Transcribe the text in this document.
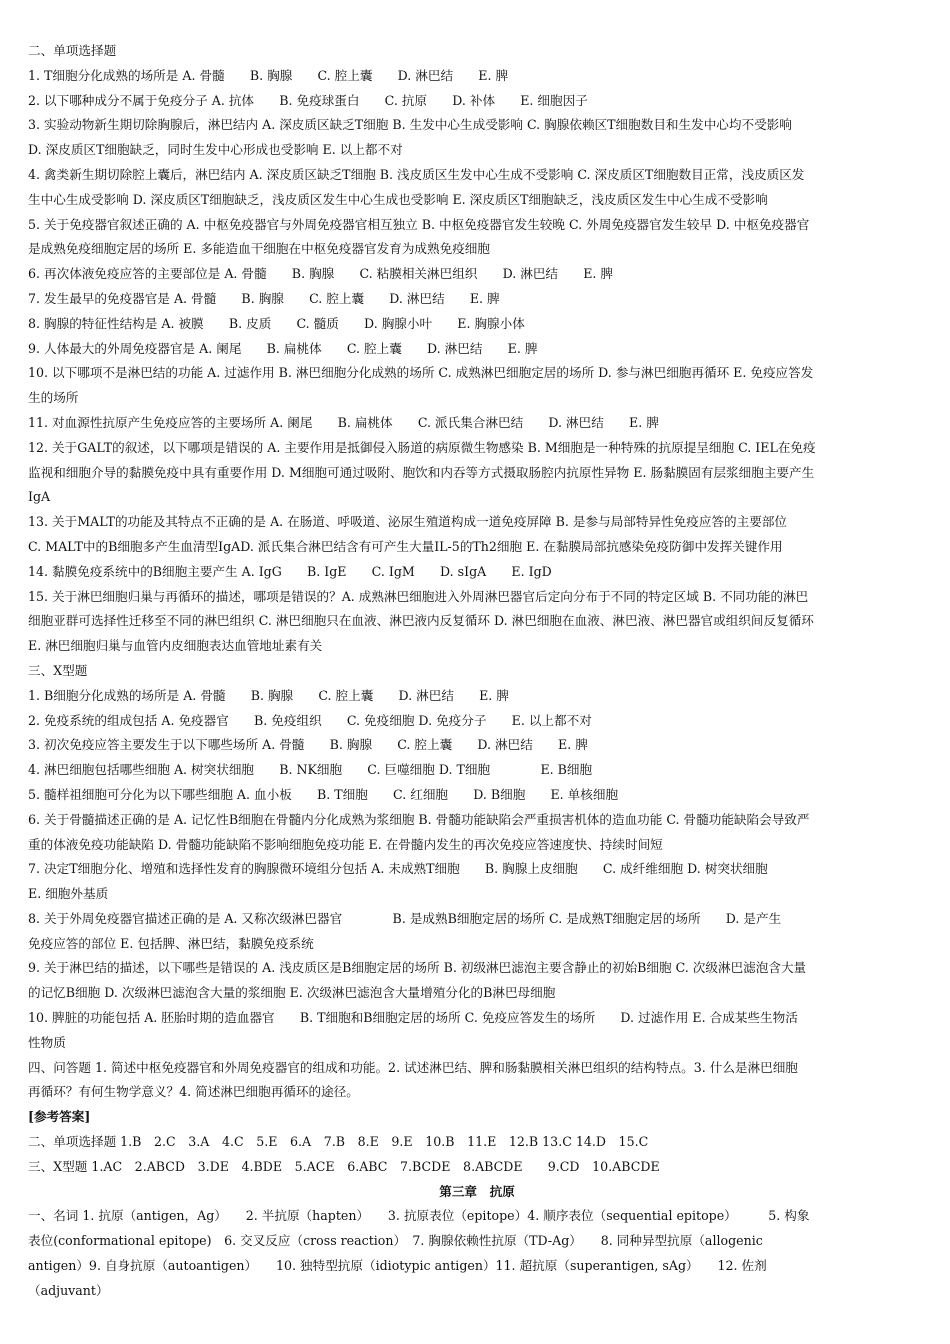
二、单项选择题
1. T细胞分化成熟的场所是 A. 骨髓　　B. 胸腺　　C. 腔上囊　　D. 淋巴结　　E. 脾
2. 以下哪种成分不属于免疫分子 A. 抗体　　B. 免疫球蛋白　　C. 抗原　　D. 补体　　E. 细胞因子
3. 实验动物新生期切除胸腺后，淋巴结内 A. 深皮质区缺乏T细胞 B. 生发中心生成受影响 C. 胸腺依赖区T细胞数目和生发中心均不受影响
D. 深皮质区T细胞缺乏，同时生发中心形成也受影响 E. 以上都不对
4. 禽类新生期切除腔上囊后，淋巴结内 A. 深皮质区缺乏T细胞 B. 浅皮质区生发中心生成不受影响 C. 深皮质区T细胞数目正常，浅皮质区发
生中心生成受影响 D. 深皮质区T细胞缺乏，浅皮质区发生中心生成也受影响 E. 深皮质区T细胞缺乏，浅皮质区发生中心生成不受影响
5. 关于免疫器官叙述正确的 A. 中枢免疫器官与外周免疫器官相互独立 B. 中枢免疫器官发生较晚 C. 外周免疫器官发生较早 D. 中枢免疫器官
是成熟免疫细胞定居的场所 E. 多能造血干细胞在中枢免疫器官发育为成熟免疫细胞
6. 再次体液免疫应答的主要部位是 A. 骨髓　　B. 胸腺　　C. 粘膜相关淋巴组织　　D. 淋巴结　　E. 脾
7. 发生最早的免疫器官是 A. 骨髓　　B. 胸腺　　C. 腔上囊　　D. 淋巴结　　E. 脾
8. 胸腺的特征性结构是 A. 被膜　　B. 皮质　　C. 髓质　　D. 胸腺小叶　　E. 胸腺小体
9. 人体最大的外周免疫器官是 A. 阑尾　　B. 扁桃体　　C. 腔上囊　　D. 淋巴结　　E. 脾
10. 以下哪项不是淋巴结的功能 A. 过滤作用 B. 淋巴细胞分化成熟的场所 C. 成熟淋巴细胞定居的场所 D. 参与淋巴细胞再循环 E. 免疫应答发
生的场所
11. 对血源性抗原产生免疫应答的主要场所 A. 阑尾　　B. 扁桃体　　C. 派氏集合淋巴结　　D. 淋巴结　　E. 脾
12. 关于GALT的叙述，以下哪项是错误的 A. 主要作用是抵御侵入肠道的病原微生物感染 B. M细胞是一种特殊的抗原提呈细胞 C. IEL在免疫
监视和细胞介导的黏膜免疫中具有重要作用 D. M细胞可通过吸附、胞饮和内吞等方式摄取肠腔内抗原性异物 E. 肠黏膜固有层浆细胞主要产生
IgA
13. 关于MALT的功能及其特点不正确的是 A. 在肠道、呼吸道、泌尿生殖道构成一道免疫屏障 B. 是参与局部特异性免疫应答的主要部位
C. MALT中的B细胞多产生血清型IgAD. 派氏集合淋巴结含有可产生大量IL-5的Th2细胞 E. 在黏膜局部抗感染免疫防御中发挥关键作用
14. 黏膜免疫系统中的B细胞主要产生 A. IgG　　B. IgE　　C. IgM　　D. sIgA　　E. IgD
15. 关于淋巴细胞归巢与再循环的描述，哪项是错误的？A. 成熟淋巴细胞进入外周淋巴器官后定向分布于不同的特定区域 B. 不同功能的淋巴
细胞亚群可选择性迁移至不同的淋巴组织 C. 淋巴细胞只在血液、淋巴液内反复循环 D. 淋巴细胞在血液、淋巴液、淋巴器官或组织间反复循环
E. 淋巴细胞归巢与血管内皮细胞表达血管地址素有关
三、X型题
1. B细胞分化成熟的场所是 A. 骨髓　　B. 胸腺　　C. 腔上囊　　D. 淋巴结　　E. 脾
2. 免疫系统的组成包括 A. 免疫器官　　B. 免疫组织　　C. 免疫细胞 D. 免疫分子　　E. 以上都不对
3. 初次免疫应答主要发生于以下哪些场所 A. 骨髓　　B. 胸腺　　C. 腔上囊　　D. 淋巴结　　E. 脾
4. 淋巴细胞包括哪些细胞 A. 树突状细胞　　B. NK细胞　　C. 巨噬细胞 D. T细胞　　　　E. B细胞
5. 髓样祖细胞可分化为以下哪些细胞 A. 血小板　　B. T细胞　　C. 红细胞　　D. B细胞　　E. 单核细胞
6. 关于骨髓描述正确的是 A. 记忆性B细胞在骨髓内分化成熟为浆细胞 B. 骨髓功能缺陷会严重损害机体的造血功能 C. 骨髓功能缺陷会导致严
重的体液免疫功能缺陷 D. 骨髓功能缺陷不影响细胞免疫功能 E. 在骨髓内发生的再次免疫应答速度快、持续时间短
7. 决定T细胞分化、增殖和选择性发育的胸腺微环境组分包括 A. 未成熟T细胞　　B. 胸腺上皮细胞　　C. 成纤维细胞 D. 树突状细胞
E. 细胞外基质
8. 关于外周免疫器官描述正确的是 A. 又称次级淋巴器官　　　　B. 是成熟B细胞定居的场所 C. 是成熟T细胞定居的场所　　D. 是产生
免疫应答的部位 E. 包括脾、淋巴结，黏膜免疫系统
9. 关于淋巴结的描述，以下哪些是错误的 A. 浅皮质区是B细胞定居的场所 B. 初级淋巴滤泡主要含静止的初始B细胞 C. 次级淋巴滤泡含大量
的记忆B细胞 D. 次级淋巴滤泡含大量的浆细胞 E. 次级淋巴滤泡含大量增殖分化的B淋巴母细胞
10. 脾脏的功能包括 A. 胚胎时期的造血器官　　B. T细胞和B细胞定居的场所 C. 免疫应答发生的场所　　D. 过滤作用 E. 合成某些生物活
性物质
四、问答题 1. 简述中枢免疫器官和外周免疫器官的组成和功能。2. 试述淋巴结、脾和肠黏膜相关淋巴组织的结构特点。3. 什么是淋巴细胞
再循环？有何生物学意义？4. 简述淋巴细胞再循环的途径。
[参考答案]
二、单项选择题 1.B　2.C　3.A　4.C　5.E　6.A　7.B　8.E　9.E　10.B　11.E　12.B 13.C 14.D　15.C
三、X型题 1.AC　2.ABCD　3.DE　4.BDE　5.ACE　6.ABC　7.BCDE　8.ABCDE　　9.CD　10.ABCDE
第三章　抗原
一、名词 1. 抗原（antigen，Ag）　　2. 半抗原（hapten）　　3. 抗原表位（epitope）4. 顺序表位（sequential epitope）　　　5. 构象
表位(conformational epitope)　6. 交叉反应（cross reaction）　7. 胸腺依赖性抗原（TD-Ag）　　8. 同种异型抗原（allogenic
antigen）9. 自身抗原（autoantigen）　　10. 独特型抗原（idiotypic antigen）11. 超抗原（superantigen, sAg）　　12. 佐剂
（adjuvant）
